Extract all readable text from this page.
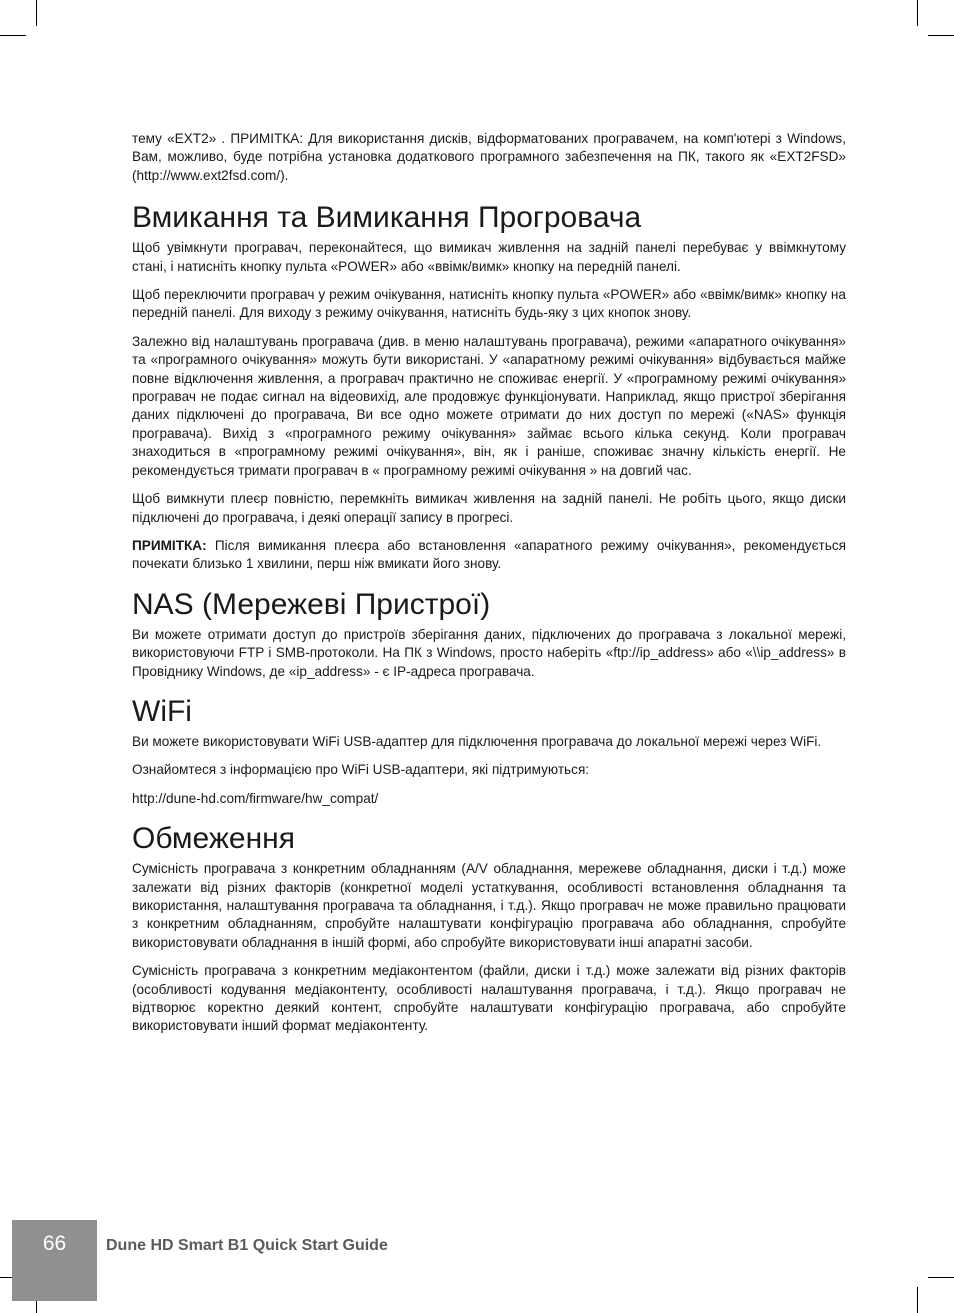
тему «EXT2» . ПРИМІТКА: Для використання дисків, відформатованих програвачем, на комп'ютері з Windows, Вам, можливо, буде потрібна установка додаткового програмного забезпечення на ПК, такого як «EXT2FSD» (http://www.ext2fsd.com/).

Вмикання та Вимикання Прогровача

Щоб увімкнути програвач, переконайтеся, що вимикач живлення на задній панелі перебуває у ввімкнутому стані, і натисніть кнопку пульта «POWER» або «ввімк/вимк» кнопку на передній панелі.

Щоб переключити програвач у режим очікування, натисніть кнопку пульта «POWER» або «ввімк/вимк» кнопку на передній панелі. Для виходу з режиму очікування, натисніть будь-яку з цих кнопок знову.

Залежно від налаштувань програвача (див. в меню налаштувань програвача), режими «апаратного очікування» та «програмного очікування» можуть бути використані. У «апаратному режимі очікування» відбувається майже повне відключення живлення, а програвач практично не споживає енергії. У «програмному режимі очікування» програвач не подає сигнал на відеовихід, але продовжує функціонувати. Наприклад, якщо пристрої зберігання даних підключені до програвача, Ви все одно можете отримати до них доступ по мережі («NAS» функція програвача). Вихід з «програмного режиму очікування» займає всього кілька секунд. Коли програвач знаходиться в «програмному режимі очікування», він, як і раніше, споживає значну кількість енергії. Не рекомендується тримати програвач в « програмному режимі очікування » на довгий час.

Щоб вимкнути плеєр повністю, перемкніть вимикач живлення на задній панелі. Не робіть цього, якщо диски підключені до програвача, і деякі операції запису в прогресі.

ПРИМІТКА: Після вимикання плеєра або встановлення «апаратного режиму очікування», рекомендується почекати близько 1 хвилини, перш ніж вмикати його знову.

NAS (Мережеві Пристрої)

Ви можете отримати доступ до пристроїв зберігання даних, підключених до програвача з локальної мережі, використовуючи FTP і SMB-протоколи. На ПК з Windows, просто наберіть «ftp://ip_address» або «\\ip_address» в Провіднику Windows, де «ip_address» - є IP-адреса програвача.

WiFi

Ви можете використовувати WiFi USB-адаптер для підключення програвача до локальної мережі через WiFi.

Ознайомтеся з інформацією про WiFi USB-адаптери, які підтримуються:

http://dune-hd.com/firmware/hw_compat/

Обмеження

Сумісність програвача з конкретним обладнанням (A/V обладнання, мережеве обладнання, диски і т.д.) може залежати від різних факторів (конкретної моделі устаткування, особливості встановлення обладнання та використання, налаштування програвача та обладнання, і т.д.). Якщо програвач не може правильно працювати з конкретним обладнанням, спробуйте налаштувати конфігурацію програвача або обладнання, спробуйте використовувати обладнання в іншій формі, або спробуйте використовувати інші апаратні засоби.

Сумісність програвача з конкретним медіаконтентом (файли, диски і т.д.) може залежати від різних факторів (особливості кодування медіаконтенту, особливості налаштування програвача, і т.д.). Якщо програвач не відтворює коректно деякий контент, спробуйте налаштувати конфігурацію програвача, або спробуйте використовувати інший формат медіаконтенту.

66	Dune HD Smart B1 Quick Start Guide
